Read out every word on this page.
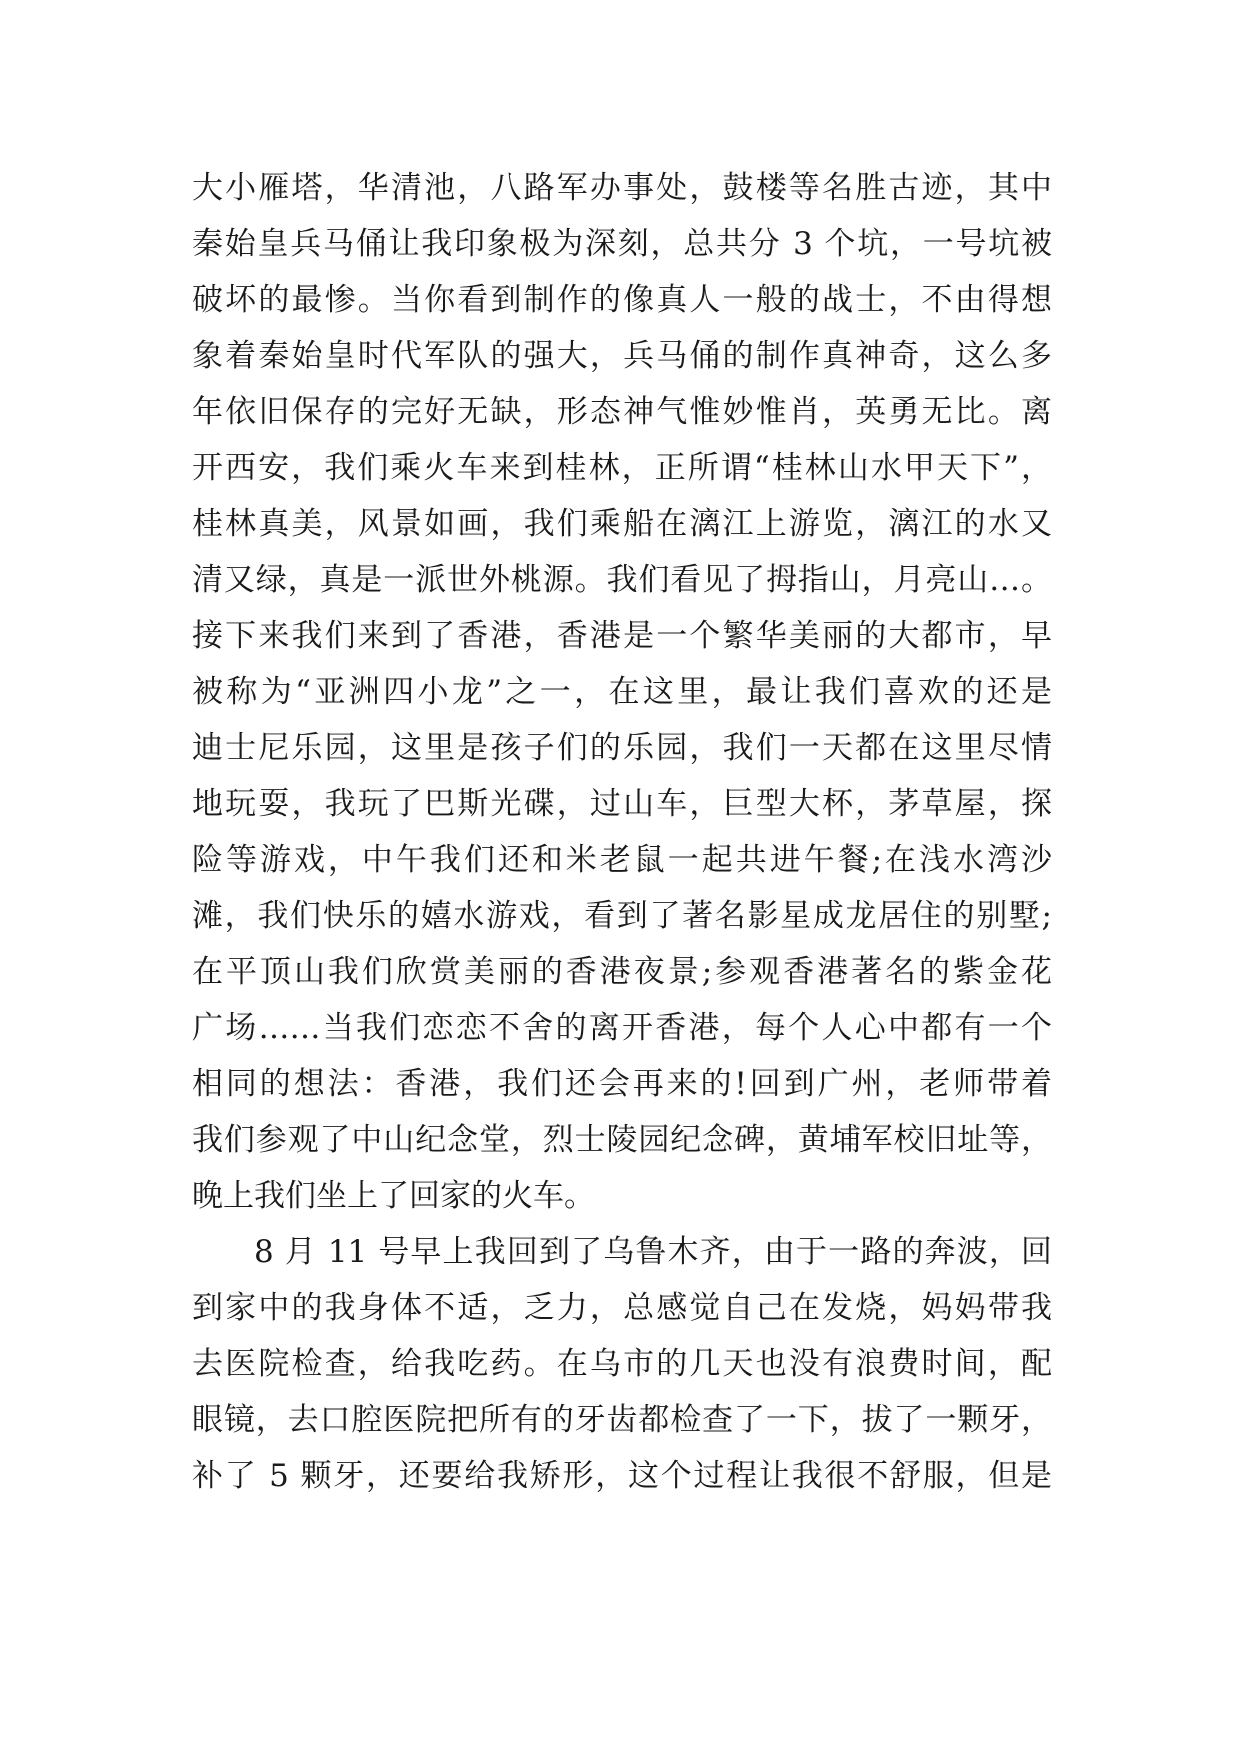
大小雁塔，华清池，八路军办事处，鼓楼等名胜古迹，其中
秦始皇兵马俑让我印象极为深刻，总共分 3 个坑，一号坑被
破坏的最惨。当你看到制作的像真人一般的战士，不由得想
象着秦始皇时代军队的强大，兵马俑的制作真神奇，这么多
年依旧保存的完好无缺，形态神气惟妙惟肖，英勇无比。离
开西安，我们乘火车来到桂林，正所谓“桂林山水甲天下”，
桂林真美，风景如画，我们乘船在漓江上游览，漓江的水又
清又绿，真是一派世外桃源。我们看见了拇指山，月亮山…。
接下来我们来到了香港，香港是一个繁华美丽的大都市，早
被称为“亚洲四小龙”之一，在这里，最让我们喜欢的还是
迪士尼乐园，这里是孩子们的乐园，我们一天都在这里尽情
地玩耍，我玩了巴斯光碟，过山车，巨型大杯，茅草屋，探
险等游戏，中午我们还和米老鼠一起共进午餐;在浅水湾沙
滩，我们快乐的嬉水游戏，看到了著名影星成龙居住的别墅;
在平顶山我们欣赏美丽的香港夜景;参观香港著名的紫金花
广场……当我们恋恋不舍的离开香港，每个人心中都有一个
相同的想法：香港，我们还会再来的!回到广州，老师带着
我们参观了中山纪念堂，烈士陵园纪念碑，黄埔军校旧址等，
晚上我们坐上了回家的火车。
8 月 11 号早上我回到了乌鲁木齐，由于一路的奔波，回
到家中的我身体不适，乏力，总感觉自己在发烧，妈妈带我
去医院检查，给我吃药。在乌市的几天也没有浪费时间，配
眼镜，去口腔医院把所有的牙齿都检查了一下，拔了一颗牙，
补了 5 颗牙，还要给我矫形，这个过程让我很不舒服，但是
